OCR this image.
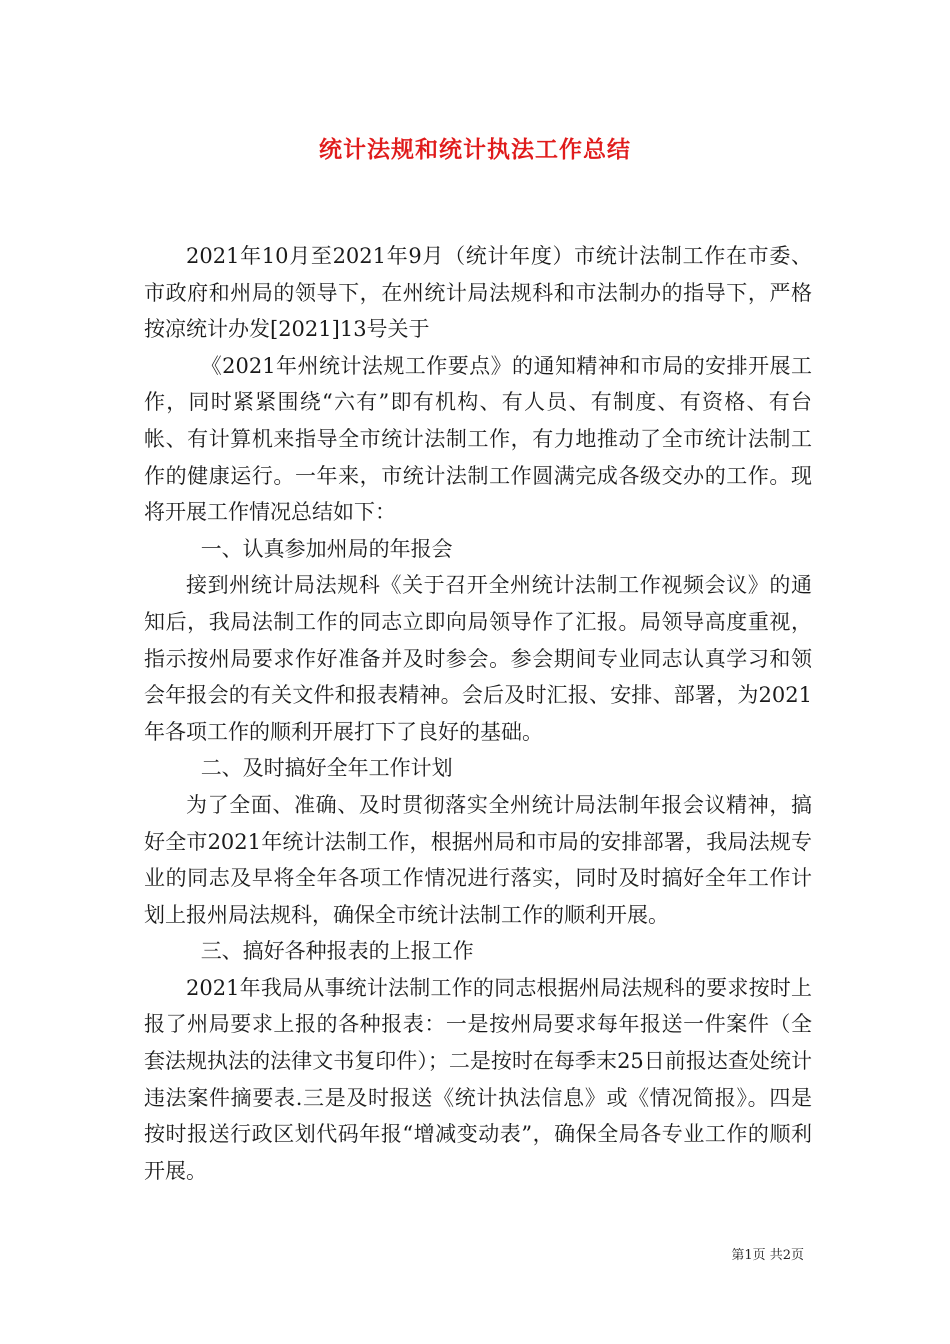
统计法规和统计执法工作总结

2021年10月至2021年9月（统计年度）市统计法制工作在市委、市政府和州局的领导下，在州统计局法规科和市法制办的指导下，严格按凉统计办发[2021]13号关于

《2021年州统计法规工作要点》的通知精神和市局的安排开展工作，同时紧紧围绕“六有”即有机构、有人员、有制度、有资格、有台帐、有计算机来指导全市统计法制工作，有力地推动了全市统计法制工作的健康运行。一年来，市统计法制工作圆满完成各级交办的工作。现将开展工作情况总结如下：

一、认真参加州局的年报会

接到州统计局法规科《关于召开全州统计法制工作视频会议》的通知后，我局法制工作的同志立即向局领导作了汇报。局领导高度重视，指示按州局要求作好准备并及时参会。参会期间专业同志认真学习和领会年报会的有关文件和报表精神。会后及时汇报、安排、部署，为2021年各项工作的顺利开展打下了良好的基础。

二、及时搞好全年工作计划

为了全面、准确、及时贯彻落实全州统计局法制年报会议精神，搞好全市2021年统计法制工作，根据州局和市局的安排部署，我局法规专业的同志及早将全年各项工作情况进行落实，同时及时搞好全年工作计划上报州局法规科，确保全市统计法制工作的顺利开展。

三、搞好各种报表的上报工作

2021年我局从事统计法制工作的同志根据州局法规科的要求按时上报了州局要求上报的各种报表：一是按州局要求每年报送一件案件（全套法规执法的法律文书复印件）；二是按时在每季末25日前报达查处统计违法案件摘要表.三是及时报送《统计执法信息》或《情况简报》。四是按时报送行政区划代码年报“增减变动表”，确保全局各专业工作的顺利开展。

第1页 共2页
